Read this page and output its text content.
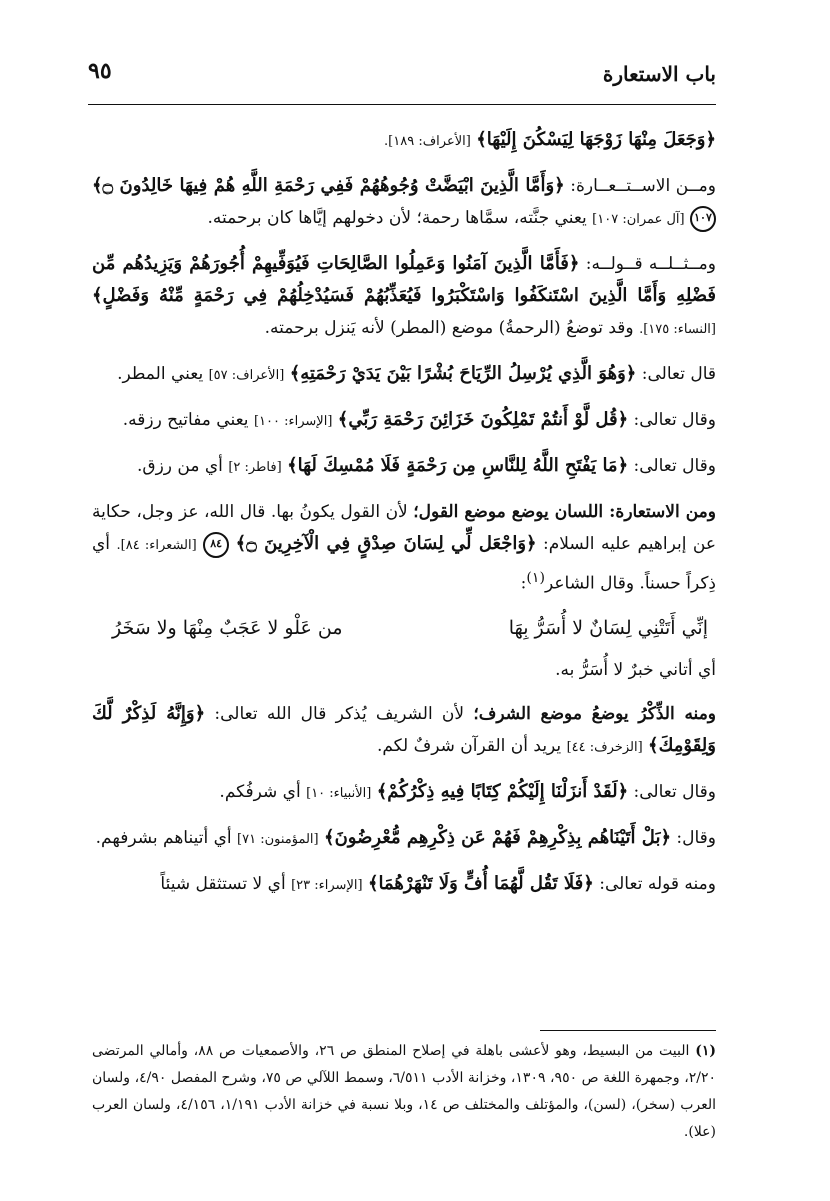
باب الاستعارة
٩٥

﴿وَجَعَلَ مِنْهَا زَوْجَهَا لِيَسْكُنَ إِلَيْهَا﴾ [الأعراف: ١٨٩].

ومــن الاســتــعــارة: ﴿وَأَمَّا الَّذِينَ ابْيَضَّتْ وُجُوهُهُمْ فَفِي رَحْمَةِ اللَّهِ هُمْ فِيهَا خَالِدُونَ ۝﴾ ١٠٧ [آل عمران: ١٠٧] يعني جنَّته، سمَّاها رحمة؛ لأن دخولهم إيَّاها كان برحمته.

ومــثــلــه قــولــه: ﴿فَأَمَّا الَّذِينَ آمَنُوا وَعَمِلُوا الصَّالِحَاتِ فَيُوَفِّيهِمْ أُجُورَهُمْ وَيَزِيدُهُم مِّن فَضْلِهِ وَأَمَّا الَّذِينَ اسْتَنكَفُوا وَاسْتَكْبَرُوا فَيُعَذِّبُهُمْ فَسَيُدْخِلُهُمْ فِي رَحْمَةٍ مِّنْهُ وَفَضْلٍ﴾ [النساء: ١٧٥]. وقد توضعُ (الرحمةُ) موضع (المطر) لأنه يَنزل برحمته.

قال تعالى: ﴿وَهُوَ الَّذِي يُرْسِلُ الرِّيَاحَ بُشْرًا بَيْنَ يَدَيْ رَحْمَتِهِ﴾ [الأعراف: ٥٧] يعني المطر.

وقال تعالى: ﴿قُل لَّوْ أَنتُمْ تَمْلِكُونَ خَزَائِنَ رَحْمَةِ رَبِّي﴾ [الإسراء: ١٠٠] يعني مفاتيح رزقه.

وقال تعالى: ﴿مَا يَفْتَحِ اللَّهُ لِلنَّاسِ مِن رَحْمَةٍ فَلَا مُمْسِكَ لَهَا﴾ [فاطر: ٢] أي من رزق.

ومن الاستعارة: اللسان يوضع موضع القول؛ لأن القول يكونُ بها. قال الله، عز وجل، حكاية عن إبراهيم عليه السلام: ﴿وَاجْعَل لِّي لِسَانَ صِدْقٍ فِي الْآخِرِينَ ۝﴾ ٨٤ [الشعراء: ٨٤]. أي ذِكراً حسناً. وقال الشاعر$^{(١)}$:

إنِّي أَتَتْنِي لِسَانٌ لا أُسَرُّ بِهَا
من عَلْو لا عَجَبٌ مِنْهَا ولا سَخَرُ

أي أتاني خبرٌ لا أُسَرُّ به.

ومنه الذِّكْرُ يوضعُ موضع الشرف؛ لأن الشريف يُذكر قال الله تعالى: ﴿وَإِنَّهُ لَذِكْرٌ لَّكَ وَلِقَوْمِكَ﴾ [الزخرف: ٤٤] يريد أن القرآن شرفٌ لكم.

وقال تعالى: ﴿لَقَدْ أَنزَلْنَا إِلَيْكُمْ كِتَابًا فِيهِ ذِكْرُكُمْ﴾ [الأنبياء: ١٠] أي شرفُكم.

وقال: ﴿بَلْ أَتَيْنَاهُم بِذِكْرِهِمْ فَهُمْ عَن ذِكْرِهِم مُّعْرِضُونَ﴾ [المؤمنون: ٧١] أي أتيناهم بشرفهم.

ومنه قوله تعالى: ﴿فَلَا تَقُل لَّهُمَا أُفٍّ وَلَا تَنْهَرْهُمَا﴾ [الإسراء: ٢٣] أي لا تستثقل شيئاً

(١) البيت من البسيط، وهو لأعشى باهلة في إصلاح المنطق ص ٢٦، والأصمعيات ص ٨٨، وأمالي المرتضى ٢/٢٠، وجمهرة اللغة ص ٩٥٠، ١٣٠٩، وخزانة الأدب ٦/٥١١، وسمط اللآلي ص ٧٥، وشرح المفصل ٤/٩٠، ولسان العرب (سخر)، (لسن)، والمؤتلف والمختلف ص ١٤، وبلا نسبة في خزانة الأدب ١/١٩١، ٤/١٥٦، ولسان العرب (علا).
